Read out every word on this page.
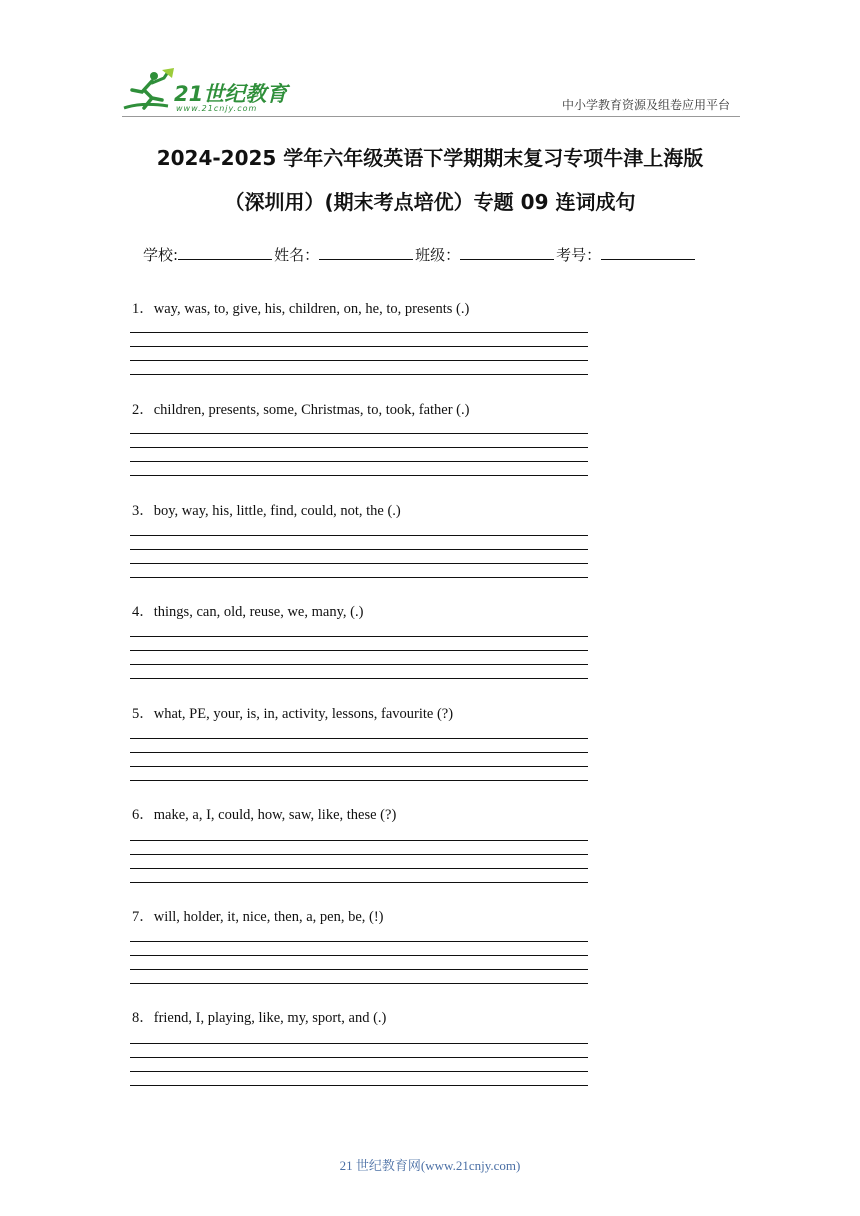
21世纪教育
www.21cnjy.com	中小学教育资源及组卷应用平台
2024-2025 学年六年级英语下学期期末复习专项牛津上海版
（深圳用）(期末考点培优）专题 09 连词成句
学校:	姓名：	班级：	考号：
1．way, was, to, give, his, children, on, he, to, presents (.)
2．children, presents, some, Christmas, to, took, father (.)
3．boy, way, his, little, find, could, not, the (.)
4．things, can, old, reuse, we, many, (.)
5．what, PE, your, is, in, activity, lessons, favourite (?)
6．make, a, I, could, how, saw, like, these (?)
7．will, holder, it, nice, then, a, pen, be, (!)
8．friend, I, playing, like, my, sport, and (.)
21 世纪教育网(www.21cnjy.com)
